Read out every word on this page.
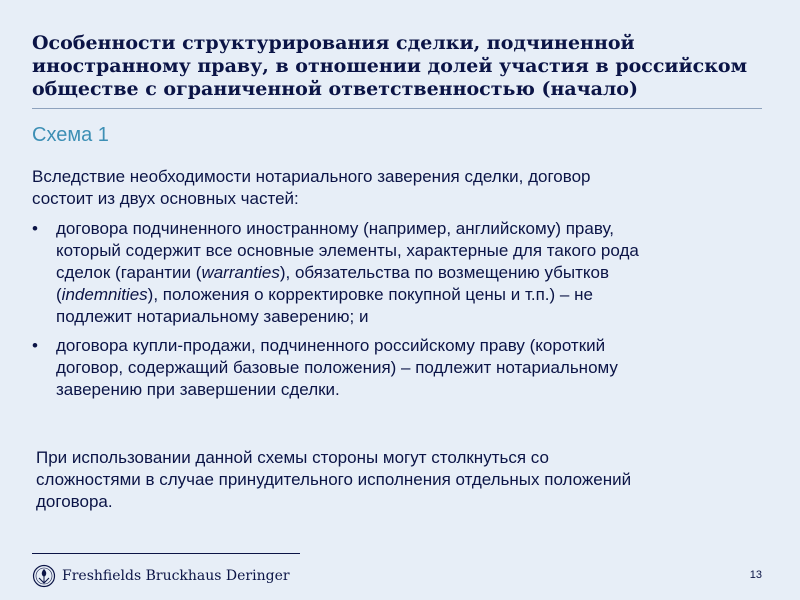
Особенности структурирования сделки, подчиненной
иностранному праву, в отношении долей участия в российском
обществе с ограниченной ответственностью (начало)
Схема 1

Вследствие необходимости нотариального заверения сделки, договор
состоит из двух основных частей:

• договора подчиненного иностранному (например, английскому) праву,
который содержит все основные элементы, характерные для такого рода
сделок (гарантии (warranties), обязательства по возмещению убытков
(indemnities), положения о корректировке покупной цены и т.п.) – не
подлежит нотариальному заверению; и
• договора купли-продажи, подчиненного российскому праву (короткий
договор, содержащий базовые положения) – подлежит нотариальному
заверению при завершении сделки.
При использовании данной схемы стороны могут столкнуться со
сложностями в случае принудительного исполнения отдельных положений
договора.
Freshfields Bruckhaus Deringer	13
